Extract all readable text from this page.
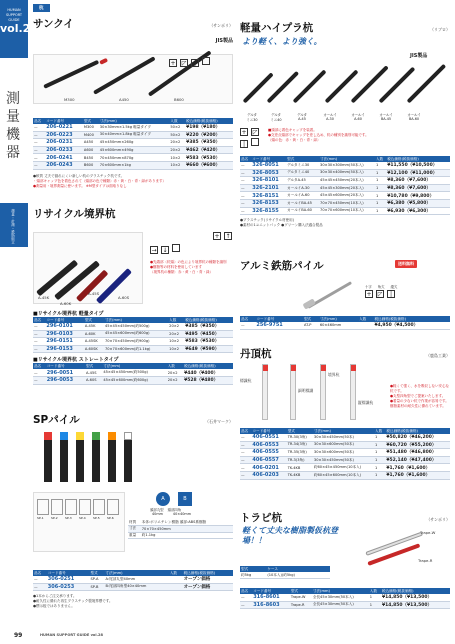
HUMAN SUPPORT GUIDE
vol.28
測量機器
測量・計測・鉄筋組立
杭
サンクイ	（サンポリ）
JIS製品
M300	A450	B600
+ ◸ │
品名	コード番号	型式	寸法(mm)	入数	税込価格(税抜価格)
—	206-0221	M300	30×30mm×1.5kg 軽量タイプ	50×2	¥198（¥180）
—	206-0223	M400	30×40mm×1.8kg 軽量タイプ	50×2	¥220（¥200）
—	206-0231	A450	45×450mm×260g	20×2	¥385（¥350）
—	206-0233	A600	45×600mm×490g	20×2	¥462（¥420）
—	206-0241	B450	70×450mm×870g	10×2	¥583（¥530）
—	206-0243	B600	70×600mm×1kg	10×2	¥660（¥600）
●軟質 丈夫で割れにくい新しい杭のプラスチック杭です。
・頭部キャップ色を着色されて（頭部の色で種類）赤・黄・白・青・緑があります）
●測量用・境界測量に使います。 ※M型タイプは面取りなし
リサイクル境界杭
A-45K
A-60K
A-45S
A-60S
+ ↑
→ ↓
●先端部（杭頭）の色により境界杭の種類を識別
●樹脂等の材料を使用しています
（境界杭の種類：赤・黄・白・青・緑）
■リサイクル境界杭 軽量タイプ
品名	コード番号	型式	寸法(mm)	入数	税込価格(税抜価格)
—	296-0101	A-45K	45×45×450mm(約500g)	20×2	¥385（¥350）
—	296-0103	A-60K	45×45×600mm(約600g)	20×2	¥495（¥450）
—	296-0151	A-45SK	70×70×450mm(約900g)	10×2	¥583（¥530）
—	296-0153	A-60SK	70×70×600mm(約1.1kg)	10×2	¥649（¥590）
■リサイクル境界杭 ストレートタイプ
品名	コード番号	型式	寸法(mm)	入数	税込価格(税抜価格)
—	296-0051	A-45S	45×45×450mm(約500g)	20×2	¥440（¥400）
—	296-0053	A-60S	45×45×600mm(約600g)	20×2	¥528（¥480）
SPパイル	（石井マーク）
SP-1	SP-2	SP-3	SP-4	SP-5	SP-6
A	B
頭部丸型 頭部四角
40mm	40×40mm
材質	本体:ポリエチレン樹脂 頭部:ABS系樹脂
寸法	70×70×450mm
重量	約1.1kg
品名	コード番号	型式	寸法(mm)	入数	税込価格(税抜価格)
—	306-0251	SP-A	A:尾部丸型40mm		オープン価格
—	306-0253	SP-B	B:尾部四角型40×40mm		オープン価格
●1本からご注文承ります。
●耐久性に優れた再生プラスチック製境界標です。
●標示板ではありません。
軽量ハイプラ杭	（リブロ）
より軽く、より強く。
JIS製品
デルタ
ミニ30
デルタ
ミニ40
デルタ
A-45
カールイ
A-30
カールイ
A-60
カールイ
BA-45
カールイ
BA-60
+ ◸
│
■頭部に着色キャップを装着。
●交差点頭部でキャップを差し込め、杭の種別を識別可能です。
（頭の色：赤・黄・白・青・緑）
品名	コード番号	型式	寸法(mm)	入数	税込価格(税抜価格)
—	326-8051	デルタミニ30	30×30×300mm(50本入)	1	¥11,550（¥10,500）
—	326-8053	デルタミニ40	30×30×400mm(50本入)	1	¥12,100（¥11,000）
—	326-8101	デルタA-45	45×45×450mm(20本入)	1	¥8,360（¥7,600）
—	326-2101	カールイA-30	45×45×300mm(20本入)	1	¥8,360（¥7,600）
—	326-8151	カールイA-60	45×45×600mm(20本入)	1	¥10,780（¥9,800）
—	326-8153	カールイBA-45	70×70×450mm(10本入)	1	¥6,380（¥5,800）
—	326-8155	カールイBA-60	70×70×600mm(10本入)	1	¥6,930（¥6,300）
●プラスチック(リサイクル材使用)
●素材の1ユニットパック ●グリーン購入法適合製品
アルミ鉄筋パイル	送料無料
十字 角欠 縦欠
+ ◸ │
品名	コード番号	型式	寸法(mm)	入数	税込価格(税抜価格)
—	256-9751	AT-P	60×460mm		¥4,950（¥4,500）
丹頂杭	（鹿島工業）
標識杭
細明標識
境界杭
縦標識杭
●軽くて強く、水を吸収しない安心な杭です。
●丸型四角型でご提案いたします。
●着量の少ない杭で作業が容易です。樹脂素材の耐久性に優れています。
品名	コード番号	型式	寸法(mm)	入数	税込価格(税抜価格)
—	406-0551	TR-30(3角)	30×30×450mm(50本)	1	¥50,820（¥46,200）
—	406-0553	TR-34(3角)	30×30×600mm(50本)	1	¥60,720（¥55,200）
—	406-0555	TR-35(3角)	30×30×600mm(50本)	1	¥51,480（¥46,800）
—	406-0557	TR-3(3角)	30×30×450mm(50本)	1	¥52,140（¥47,400）
—	406-0201	TK-4KB	約60×45×450mm(10本入)	1	¥1,760（¥1,600）
—	406-0203	TK-4KB	約60×45×600mm(10本入)	1	¥1,760（¥1,600）
トラピ杭	（サンポリ）
軽くて丈夫な樹脂製仮杭登場！！
Trape-W
Trape-R
型式	ケース
約5kg	(10本入)(約5kg)
品名	コード番号	型式	寸法(mm)	入数	税込価格(税抜価格)
—	316-8601	Trape-W	全長45×30mm(50本入)	1	¥14,850（¥13,500）
—	316-8603	Trape-R	全長45×30mm(50本入)	1	¥14,850（¥13,500）
99	HUMAN SUPPORT GUIDE vol.28
